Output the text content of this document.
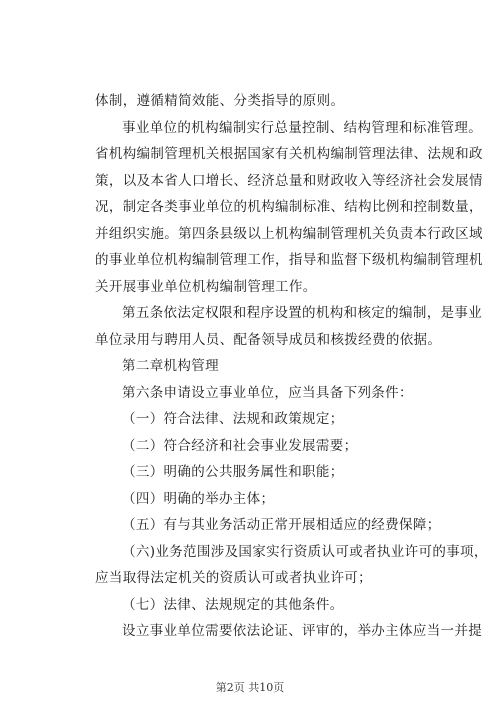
体制，遵循精简效能、分类指导的原则。
事业单位的机构编制实行总量控制、结构管理和标准管理。
省机构编制管理机关根据国家有关机构编制管理法律、法规和政
策，以及本省人口增长、经济总量和财政收入等经济社会发展情
况，制定各类事业单位的机构编制标准、结构比例和控制数量，
并组织实施。第四条县级以上机构编制管理机关负责本行政区域
的事业单位机构编制管理工作，指导和监督下级机构编制管理机
关开展事业单位机构编制管理工作。
第五条依法定权限和程序设置的机构和核定的编制，是事业
单位录用与聘用人员、配备领导成员和核拨经费的依据。
第二章机构管理
第六条申请设立事业单位，应当具备下列条件：
（一）符合法律、法规和政策规定；
（二）符合经济和社会事业发展需要；
（三）明确的公共服务属性和职能；
（四）明确的举办主体；
（五）有与其业务活动正常开展相适应的经费保障；
（六)业务范围涉及国家实行资质认可或者执业许可的事项，
应当取得法定机关的资质认可或者执业许可；
（七）法律、法规规定的其他条件。
设立事业单位需要依法论证、评审的，举办主体应当一并提
第2页 共10页
